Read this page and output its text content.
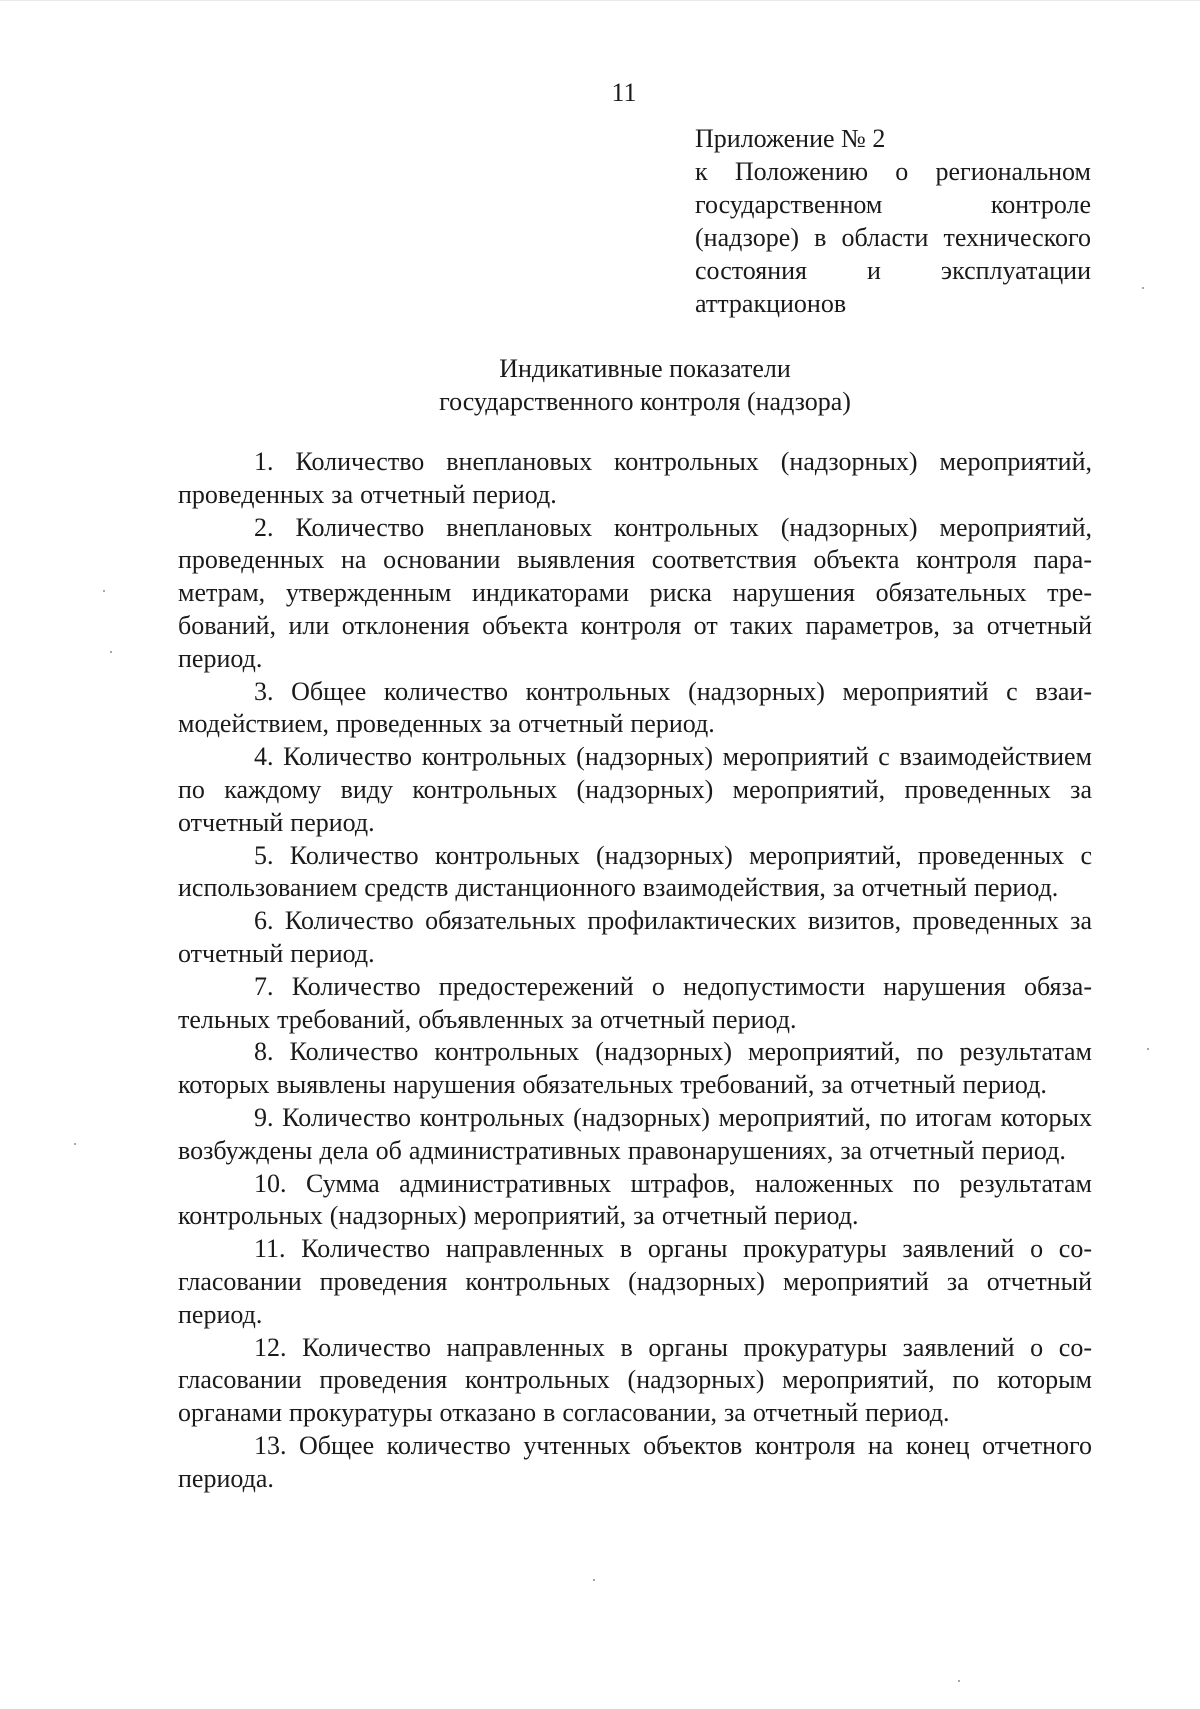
11
Приложение № 2
к Положению о региональном государственном контроле (надзоре) в области технического состояния и эксплуатации аттракционов
Индикативные показатели
государственного контроля (надзора)

1. Количество внеплановых контрольных (надзорных) мероприятий, проведенных за отчетный период.

2. Количество внеплановых контрольных (надзорных) мероприятий, проведенных на основании выявления соответствия объекта контроля параметрам, утвержденным индикаторами риска нарушения обязательных требований, или отклонения объекта контроля от таких параметров, за отчетный период.

3. Общее количество контрольных (надзорных) мероприятий с взаимодействием, проведенных за отчетный период.

4. Количество контрольных (надзорных) мероприятий с взаимодействием по каждому виду контрольных (надзорных) мероприятий, проведенных за отчетный период.

5. Количество контрольных (надзорных) мероприятий, проведенных с использованием средств дистанционного взаимодействия, за отчетный период.

6. Количество обязательных профилактических визитов, проведенных за отчетный период.

7. Количество предостережений о недопустимости нарушения обязательных требований, объявленных за отчетный период.

8. Количество контрольных (надзорных) мероприятий, по результатам которых выявлены нарушения обязательных требований, за отчетный период.

9. Количество контрольных (надзорных) мероприятий, по итогам которых возбуждены дела об административных правонарушениях, за отчетный период.

10. Сумма административных штрафов, наложенных по результатам контрольных (надзорных) мероприятий, за отчетный период.

11. Количество направленных в органы прокуратуры заявлений о согласовании проведения контрольных (надзорных) мероприятий за отчетный период.

12. Количество направленных в органы прокуратуры заявлений о согласовании проведения контрольных (надзорных) мероприятий, по которым органами прокуратуры отказано в согласовании, за отчетный период.

13. Общее количество учтенных объектов контроля на конец отчетного периода.
